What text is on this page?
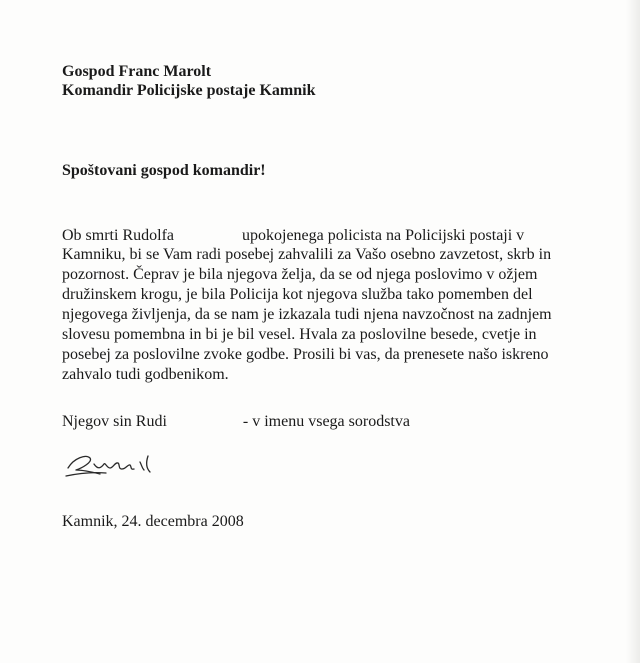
Gospod Franc Marolt
Komandir Policijske postaje Kamnik
Spoštovani gospod komandir!
Ob smrti Rudolfa	upokojenega policista na Policijski postaji v
Kamniku, bi se Vam radi posebej zahvalili za Vašo osebno zavzetost, skrb in
pozornost. Čeprav je bila njegova želja, da se od njega poslovimo v ožjem
družinskem krogu, je bila Policija kot njegova služba tako pomemben del
njegovega življenja, da se nam je izkazala tudi njena navzočnost na zadnjem
slovesu pomembna in bi je bil vesel. Hvala za poslovilne besede, cvetje in
posebej za poslovilne zvoke godbe. Prosili bi vas, da prenesete našo iskreno
zahvalo tudi godbenikom.
Njegov sin Rudi	- v imenu vsega sorodstva
Kamnik, 24. decembra 2008
